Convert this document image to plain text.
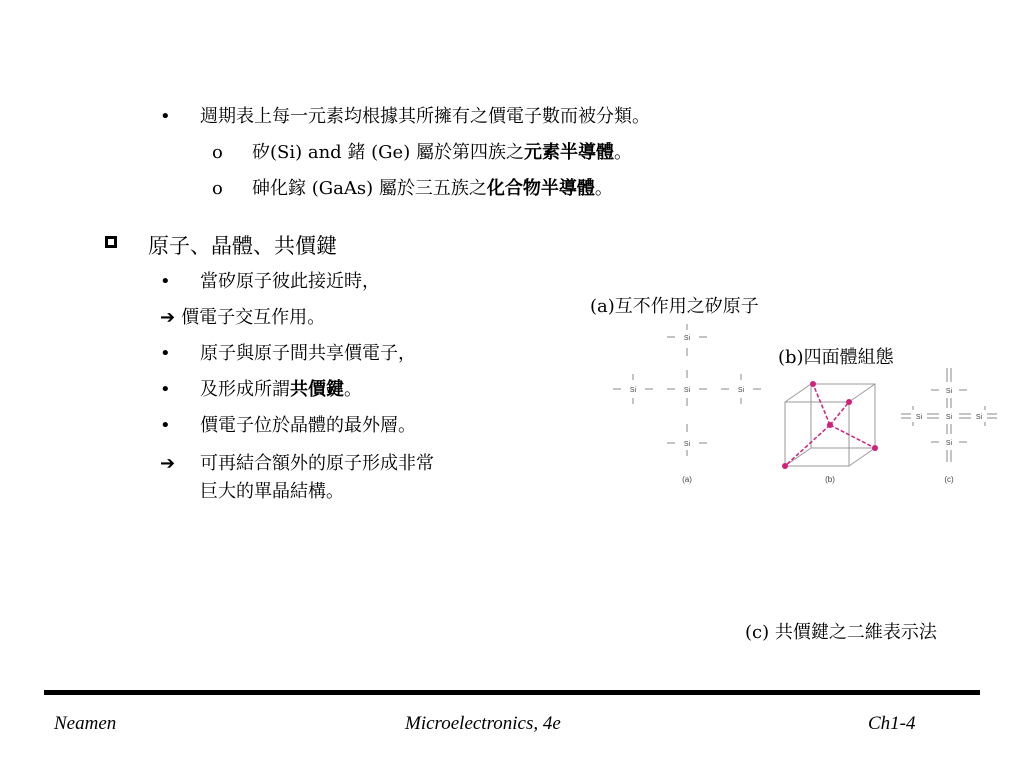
• 週期表上每一元素均根據其所擁有之價電子數而被分類。
o 矽(Si) and 鍺 (Ge) 屬於第四族之元素半導體。
o 砷化鎵 (GaAs) 屬於三五族之化合物半導體。
原子、晶體、共價鍵
• 當矽原子彼此接近時，
➔ 價電子交互作用。
• 原子與原子間共享價電子，
• 及形成所謂共價鍵。
• 價電子位於晶體的最外層。
➔ 可再結合額外的原子形成非常
巨大的單晶結構。
(a)互不作用之矽原子
(b)四面體組態
(c) 共價鍵之二維表示法
Si
Si	Si	Si
Si
(a)	(b)
Si
Si	Si	Si
Si
(c)
Neamen	Microelectronics, 4e	Ch1-4
